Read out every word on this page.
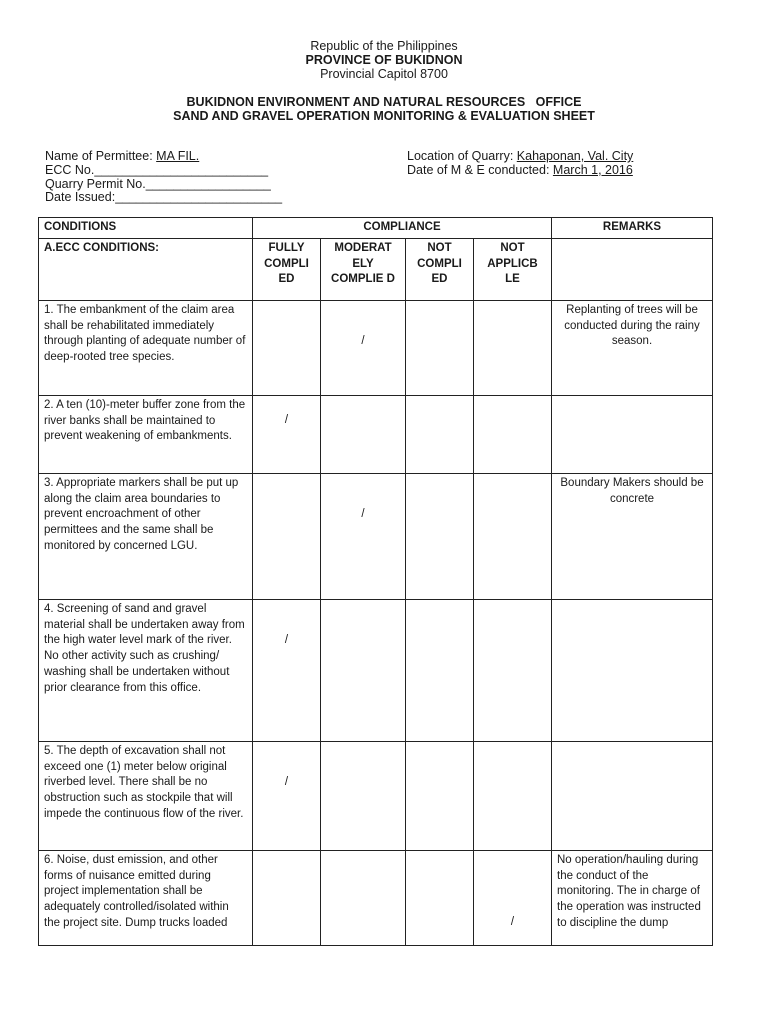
Republic of the Philippines
PROVINCE OF BUKIDNON
Provincial Capitol 8700
BUKIDNON ENVIRONMENT AND NATURAL RESOURCES   OFFICE
SAND AND GRAVEL OPERATION MONITORING & EVALUATION SHEET
Name of Permittee: MA FIL.
ECC No._________________________
Quarry Permit No.__________________
Date Issued:________________________
Location of Quarry: Kahaponan, Val. City
Date of M & E conducted: March 1, 2016
CONDITIONS	COMPLIANCE				REMARKS
A.ECC CONDITIONS:	FULLY COMPLI ED	MODERAT ELY COMPLIE D	NOT COMPLI ED	NOT APPLICB LE	
1. The embankment of the claim area shall be rehabilitated immediately through planting of adequate number of deep-rooted tree species.		/			Replanting of trees will be conducted during the rainy season.
2. A ten (10)-meter buffer zone from the river banks shall be maintained to prevent weakening of embankments.	/				
3. Appropriate markers shall be put up along the claim area boundaries to prevent encroachment of other permittees and the same shall be monitored by concerned LGU.		/			Boundary Makers should be concrete
4. Screening of sand and gravel material shall be undertaken away from the high water level mark of the river. No other activity such as crushing/ washing shall be undertaken without prior clearance from this office.	/				
5. The depth of excavation shall not exceed one (1) meter below original riverbed level. There shall be no obstruction such as stockpile that will impede the continuous flow of the river.	/				
6. Noise, dust emission, and other forms of nuisance emitted during project implementation shall be adequately controlled/isolated within the project site. Dump trucks loaded				/	No operation/hauling during the conduct of the monitoring. The in charge of the operation was instructed to discipline the dump
